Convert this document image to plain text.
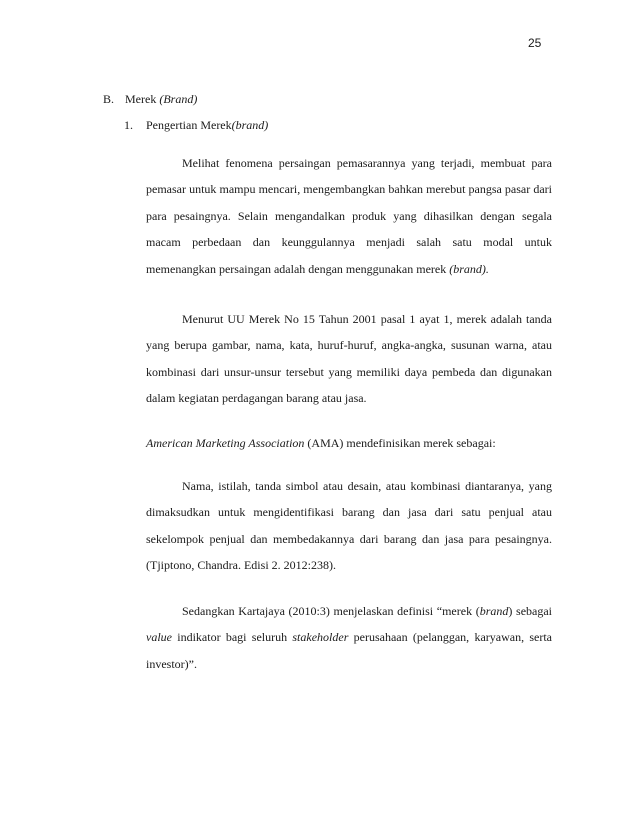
25
B. Merek (Brand)
1. Pengertian Merek(brand)

Melihat fenomena persaingan pemasarannya yang terjadi, membuat para pemasar untuk mampu mencari, mengembangkan bahkan merebut pangsa pasar dari para pesaingnya. Selain mengandalkan produk yang dihasilkan dengan segala macam perbedaan dan keunggulannya menjadi salah satu modal untuk memenangkan persaingan adalah dengan menggunakan merek (brand).

Menurut UU Merek No 15 Tahun 2001 pasal 1 ayat 1, merek adalah tanda yang berupa gambar, nama, kata, huruf-huruf, angka-angka, susunan warna, atau kombinasi dari unsur-unsur tersebut yang memiliki daya pembeda dan digunakan dalam kegiatan perdagangan barang atau jasa.

American Marketing Association (AMA) mendefinisikan merek sebagai:

Nama, istilah, tanda simbol atau desain, atau kombinasi diantaranya, yang dimaksudkan untuk mengidentifikasi barang dan jasa dari satu penjual atau sekelompok penjual dan membedakannya dari barang dan jasa para pesaingnya.(Tjiptono, Chandra. Edisi 2. 2012:238).

Sedangkan Kartajaya (2010:3) menjelaskan definisi “merek (brand) sebagai value indikator bagi seluruh stakeholder perusahaan (pelanggan, karyawan, serta investor)”.
